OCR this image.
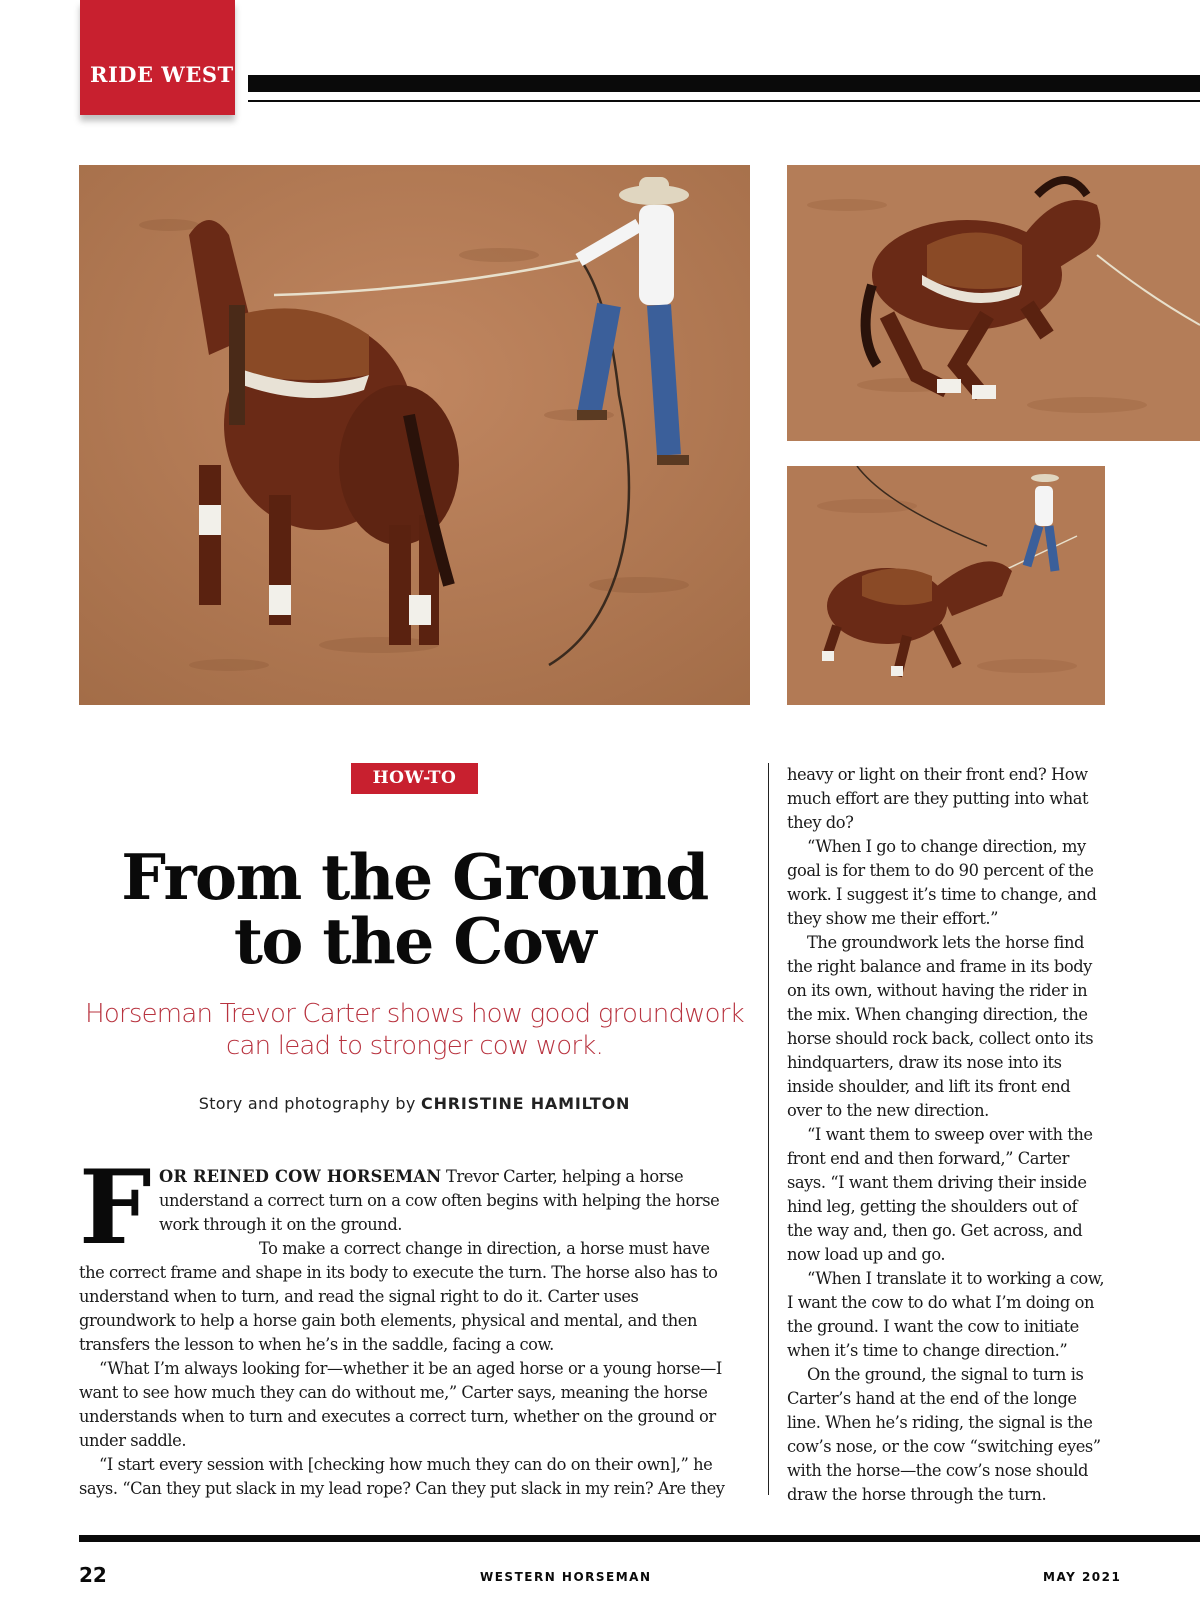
RIDE WEST
HOW-TO
From the Ground
to the Cow
Horseman Trevor Carter shows how good groundwork can lead to stronger cow work.
Story and photography by CHRISTINE HAMILTON
F OR REINED COW HORSEMAN Trevor Carter, helping a horse understand a correct turn on a cow often begins with helping the horse work through it on the ground.

To make a correct change in direction, a horse must have the correct frame and shape in its body to execute the turn. The horse also has to understand when to turn, and read the signal right to do it. Carter uses groundwork to help a horse gain both elements, physical and mental, and then transfers the lesson to when he’s in the saddle, facing a cow.

“What I’m always looking for—whether it be an aged horse or a young horse—I want to see how much they can do without me,” Carter says, meaning the horse understands when to turn and executes a correct turn, whether on the ground or under saddle.

“I start every session with [checking how much they can do on their own],” he says. “Can they put slack in my lead rope? Can they put slack in my rein? Are they

heavy or light on their front end? How much effort are they putting into what they do?

“When I go to change direction, my goal is for them to do 90 percent of the work. I suggest it’s time to change, and they show me their effort.”

The groundwork lets the horse find the right balance and frame in its body on its own, without having the rider in the mix. When changing direction, the horse should rock back, collect onto its hindquarters, draw its nose into its inside shoulder, and lift its front end over to the new direction.

“I want them to sweep over with the front end and then forward,” Carter says. “I want them driving their inside hind leg, getting the shoulders out of the way and, then go. Get across, and now load up and go.

“When I translate it to working a cow, I want the cow to do what I’m doing on the ground. I want the cow to initiate when it’s time to change direction.”

On the ground, the signal to turn is Carter’s hand at the end of the longe line. When he’s riding, the signal is the cow’s nose, or the cow “switching eyes” with the horse—the cow’s nose should draw the horse through the turn.

22	WESTERN HORSEMAN	MAY 2021
